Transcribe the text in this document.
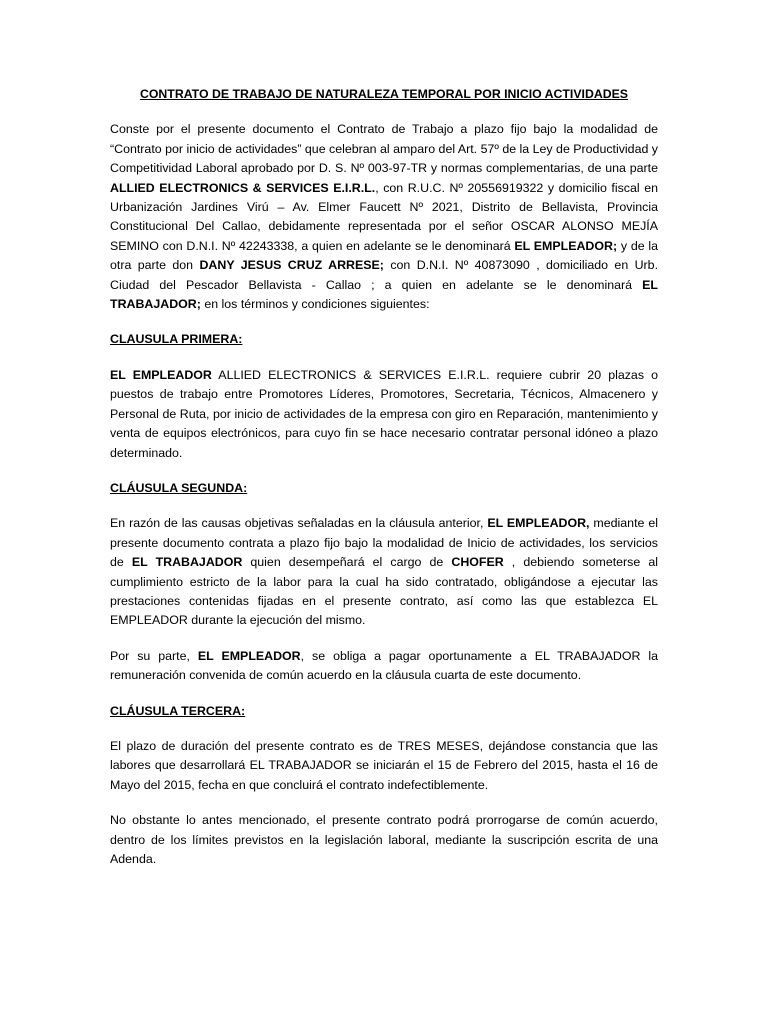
CONTRATO DE TRABAJO DE NATURALEZA TEMPORAL POR INICIO ACTIVIDADES

Conste por el presente documento el Contrato de Trabajo a plazo fijo bajo la modalidad de “Contrato por inicio de actividades” que celebran al amparo del Art. 57º de la Ley de Productividad y Competitividad Laboral aprobado por D. S. Nº 003-97-TR y normas complementarias, de una parte ALLIED ELECTRONICS & SERVICES E.I.R.L., con R.U.C. Nº 20556919322 y domicilio fiscal en Urbanización Jardines Virú – Av. Elmer Faucett Nº 2021, Distrito de Bellavista, Provincia Constitucional Del Callao, debidamente representada por el señor OSCAR ALONSO MEJÍA SEMINO con D.N.I. Nº 42243338, a quien en adelante se le denominará EL EMPLEADOR; y de la otra parte don DANY JESUS CRUZ ARRESE; con D.N.I. Nº 40873090 , domiciliado en Urb. Ciudad del Pescador Bellavista - Callao ; a quien en adelante se le denominará EL TRABAJADOR; en los términos y condiciones siguientes:

CLAUSULA PRIMERA:

EL EMPLEADOR ALLIED ELECTRONICS & SERVICES E.I.R.L. requiere cubrir 20 plazas o puestos de trabajo entre Promotores Líderes, Promotores, Secretaria, Técnicos, Almacenero y Personal de Ruta, por inicio de actividades de la empresa con giro en Reparación, mantenimiento y venta de equipos electrónicos, para cuyo fin se hace necesario contratar personal idóneo a plazo determinado.

CLÁUSULA SEGUNDA:

En razón de las causas objetivas señaladas en la cláusula anterior, EL EMPLEADOR, mediante el presente documento contrata a plazo fijo bajo la modalidad de Inicio de actividades, los servicios de EL TRABAJADOR quien desempeñará el cargo de CHOFER , debiendo someterse al cumplimiento estricto de la labor para la cual ha sido contratado, obligándose a ejecutar las prestaciones contenidas fijadas en el presente contrato, así como las que establezca EL EMPLEADOR durante la ejecución del mismo.

Por su parte, EL EMPLEADOR, se obliga a pagar oportunamente a EL TRABAJADOR la remuneración convenida de común acuerdo en la cláusula cuarta de este documento.

CLÁUSULA TERCERA:

El plazo de duración del presente contrato es de TRES MESES, dejándose constancia que las labores que desarrollará EL TRABAJADOR se iniciarán el 15 de Febrero del 2015, hasta el 16 de Mayo del 2015, fecha en que concluirá el contrato indefectiblemente.

No obstante lo antes mencionado, el presente contrato podrá prorrogarse de común acuerdo, dentro de los límites previstos en la legislación laboral, mediante la suscripción escrita de una Adenda.
